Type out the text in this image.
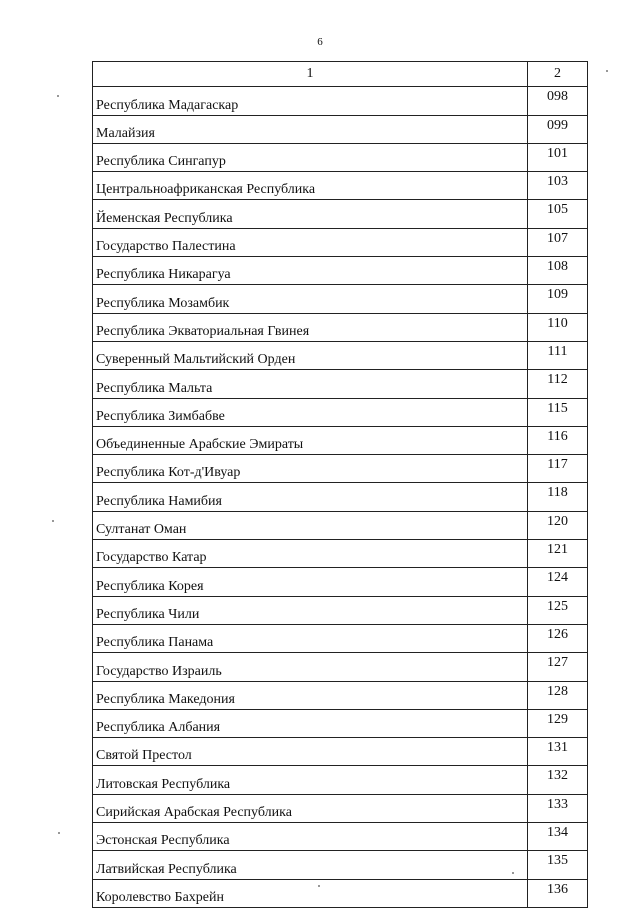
6
1	2
Республика Мадагаскар	098
Малайзия	099
Республика Сингапур	101
Центральноафриканская Республика	103
Йеменская Республика	105
Государство Палестина	107
Республика Никарагуа	108
Республика Мозамбик	109
Республика Экваториальная Гвинея	110
Суверенный Мальтийский Орден	111
Республика Мальта	112
Республика Зимбабве	115
Объединенные Арабские Эмираты	116
Республика Кот-д'Ивуар	117
Республика Намибия	118
Султанат Оман	120
Государство Катар	121
Республика Корея	124
Республика Чили	125
Республика Панама	126
Государство Израиль	127
Республика Македония	128
Республика Албания	129
Святой Престол	131
Литовская Республика	132
Сирийская Арабская Республика	133
Эстонская Республика	134
Латвийская Республика	135
Королевство Бахрейн	136
